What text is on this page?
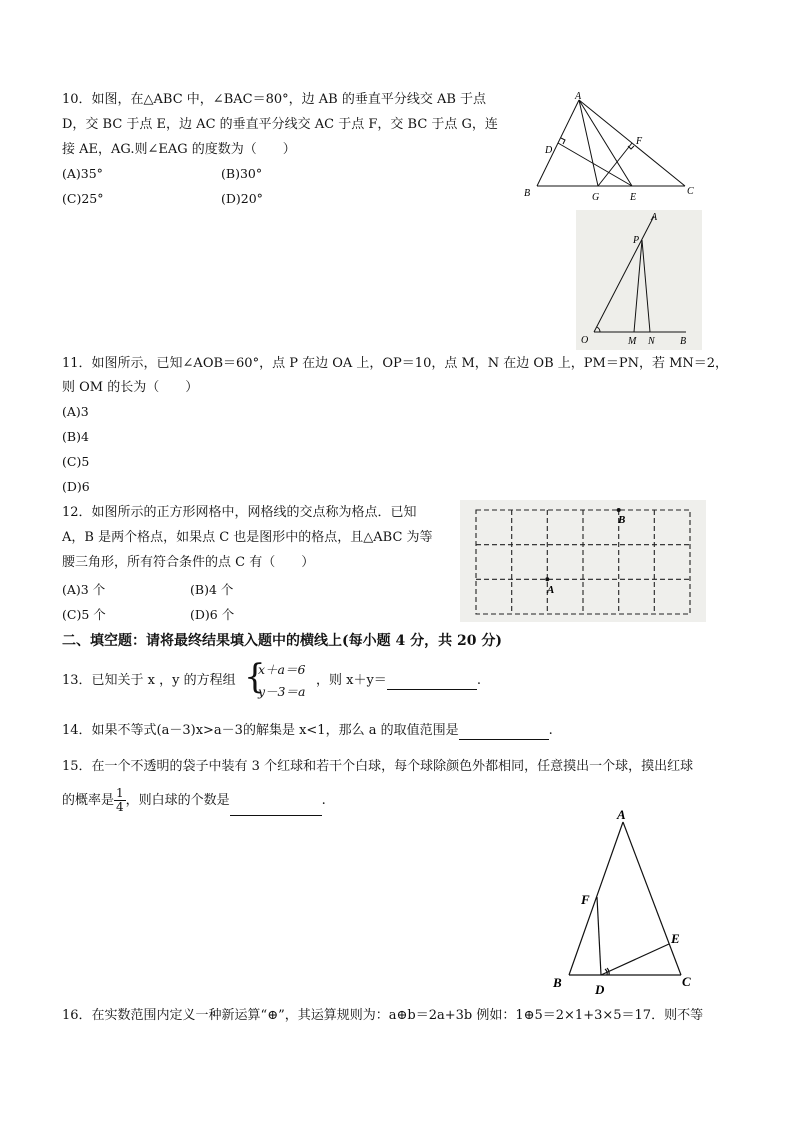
10．如图，在△ABC 中，∠BAC＝80°，边 AB 的垂直平分线交 AB 于点
D，交 BC 于点 E，边 AC 的垂直平分线交 AC 于点 F，交 BC 于点 G，连
接 AE，AG.则∠EAG 的度数为（　　）
(A)35°	(B)30°
(C)25°	(D)20°
A
B	C
D
E
F
G
A
P
O	M N	B
11．如图所示，已知∠AOB＝60°，点 P 在边 OA 上，OP＝10，点 M，N 在边 OB 上，PM＝PN，若 MN＝2，
则 OM 的长为（　　）
(A)3
(B)4
(C)5
(D)6
12．如图所示的正方形网格中，网格线的交点称为格点．已知
A，B 是两个格点，如果点 C 也是图形中的格点，且△ABC 为等
腰三角形，所有符合条件的点 C 有（　　）
(A)3 个	(B)4 个
(C)5 个	(D)6 个
B
A
二、填空题：请将最终结果填入题中的横线上(每小题 4 分，共 20 分)
13．已知关于 x ，y 的方程组 {
x＋a＝6
y－3＝a
，则 x＋y＝	.
14．如果不等式(a－3)x>a－3的解集是 x<1，那么 a 的取值范围是	.
15．在一个不透明的袋子中装有 3 个红球和若干个白球，每个球除颜色外都相同，任意摸出一个球，摸出红球
的概率是 $\frac{1}{4}$ ，则白球的个数是	.
A
B	C
D
E
F
16．在实数范围内定义一种新运算“⊕”，其运算规则为：a⊕b＝2a+3b 例如：1⊕5＝2×1+3×5＝17．则不等
